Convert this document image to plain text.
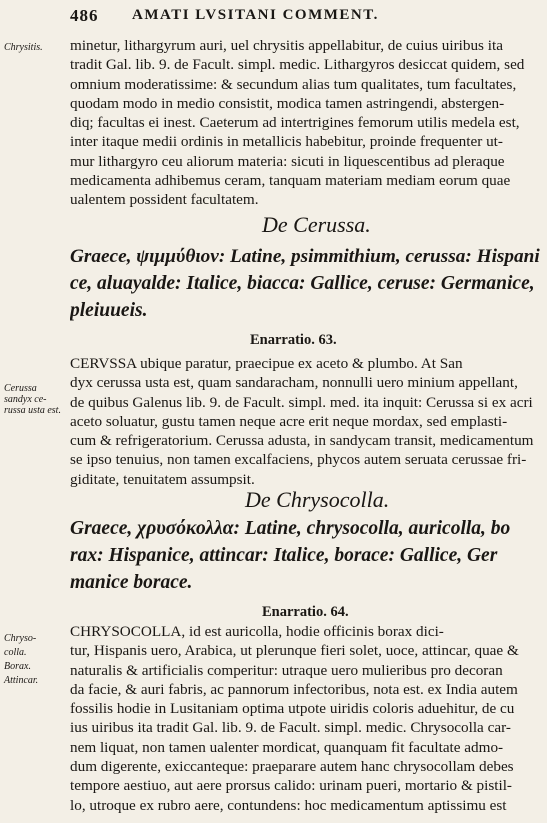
486 AMATI LVSITANI COMMENT.
Chrysitis.
Cerussa sandyx ce-russa usta est.
Chryso-colla. Borax. Attincar.
minetur, lithargyrum auri, uel chrysitis appellabitur, de cuius uiribus ita
tradit Gal. lib. 9. de Facult. simpl. medic. Lithargyros desiccat quidem, sed
omnium moderatissime: & secundum alias tum qualitates, tum facultates,
quodam modo in medio consistit, modica tamen astringendi, abstergen-
diq; facultas ei inest. Caeterum ad intertrigines femorum utilis medela est,
inter itaque medii ordinis in metallicis habebitur, proinde frequenter ut-
mur lithargyro ceu aliorum materia: sicuti in liquescentibus ad pleraque
medicamenta adhibemus ceram, tanquam materiam mediam eorum quae
ualentem possident facultatem.
De Cerussa.
Graece, ψιμμύθιον: Latine, psimmithium, cerussa: Hispani
ce, aluayalde: Italice, biacca: Gallice, ceruse: Germanice,
pleiuueis.
Enarratio. 63.
CERVSSA ubique paratur, praecipue ex aceto & plumbo. At San
dyx cerussa usta est, quam sandaracham, nonnulli uero minium appellant,
de quibus Galenus lib. 9. de Facult. simpl. med. ita inquit: Cerussa si ex acri
aceto soluatur, gustu tamen neque acre erit neque mordax, sed emplasti-
cum & refrigeratorium. Cerussa adusta, in sandycam transit, medicamentum
se ipso tenuius, non tamen excalfaciens, phycos autem seruata cerussae fri-
giditate, tenuitatem assumpsit.
De Chrysocolla.
Graece, χρυσόκολλα: Latine, chrysocolla, auricolla, bo
rax: Hispanice, attincar: Italice, borace: Gallice, Ger
manice borace.
Enarratio. 64.
CHRYSOCOLLA, id est auricolla, hodie officinis borax dici-
tur, Hispanis uero, Arabica, ut plerunque fieri solet, uoce, attincar, quae &
naturalis & artificialis comperitur: utraque uero mulieribus pro decoran
da facie, & auri fabris, ac pannorum infectoribus, nota est. ex India autem
fossilis hodie in Lusitaniam optima utpote uiridis coloris aduehitur, de cu
ius uiribus ita tradit Gal. lib. 9. de Facult. simpl. medic. Chrysocolla car-
nem liquat, non tamen ualenter mordicat, quanquam fit facultate admo-
dum digerente, exiccanteque: praeparare autem hanc chrysocollam debes
tempore aestiuo, aut aere prorsus calido: urinam pueri, mortario & pistil-
lo, utroque ex rubro aere, contundens: hoc medicamentum aptissimu est
